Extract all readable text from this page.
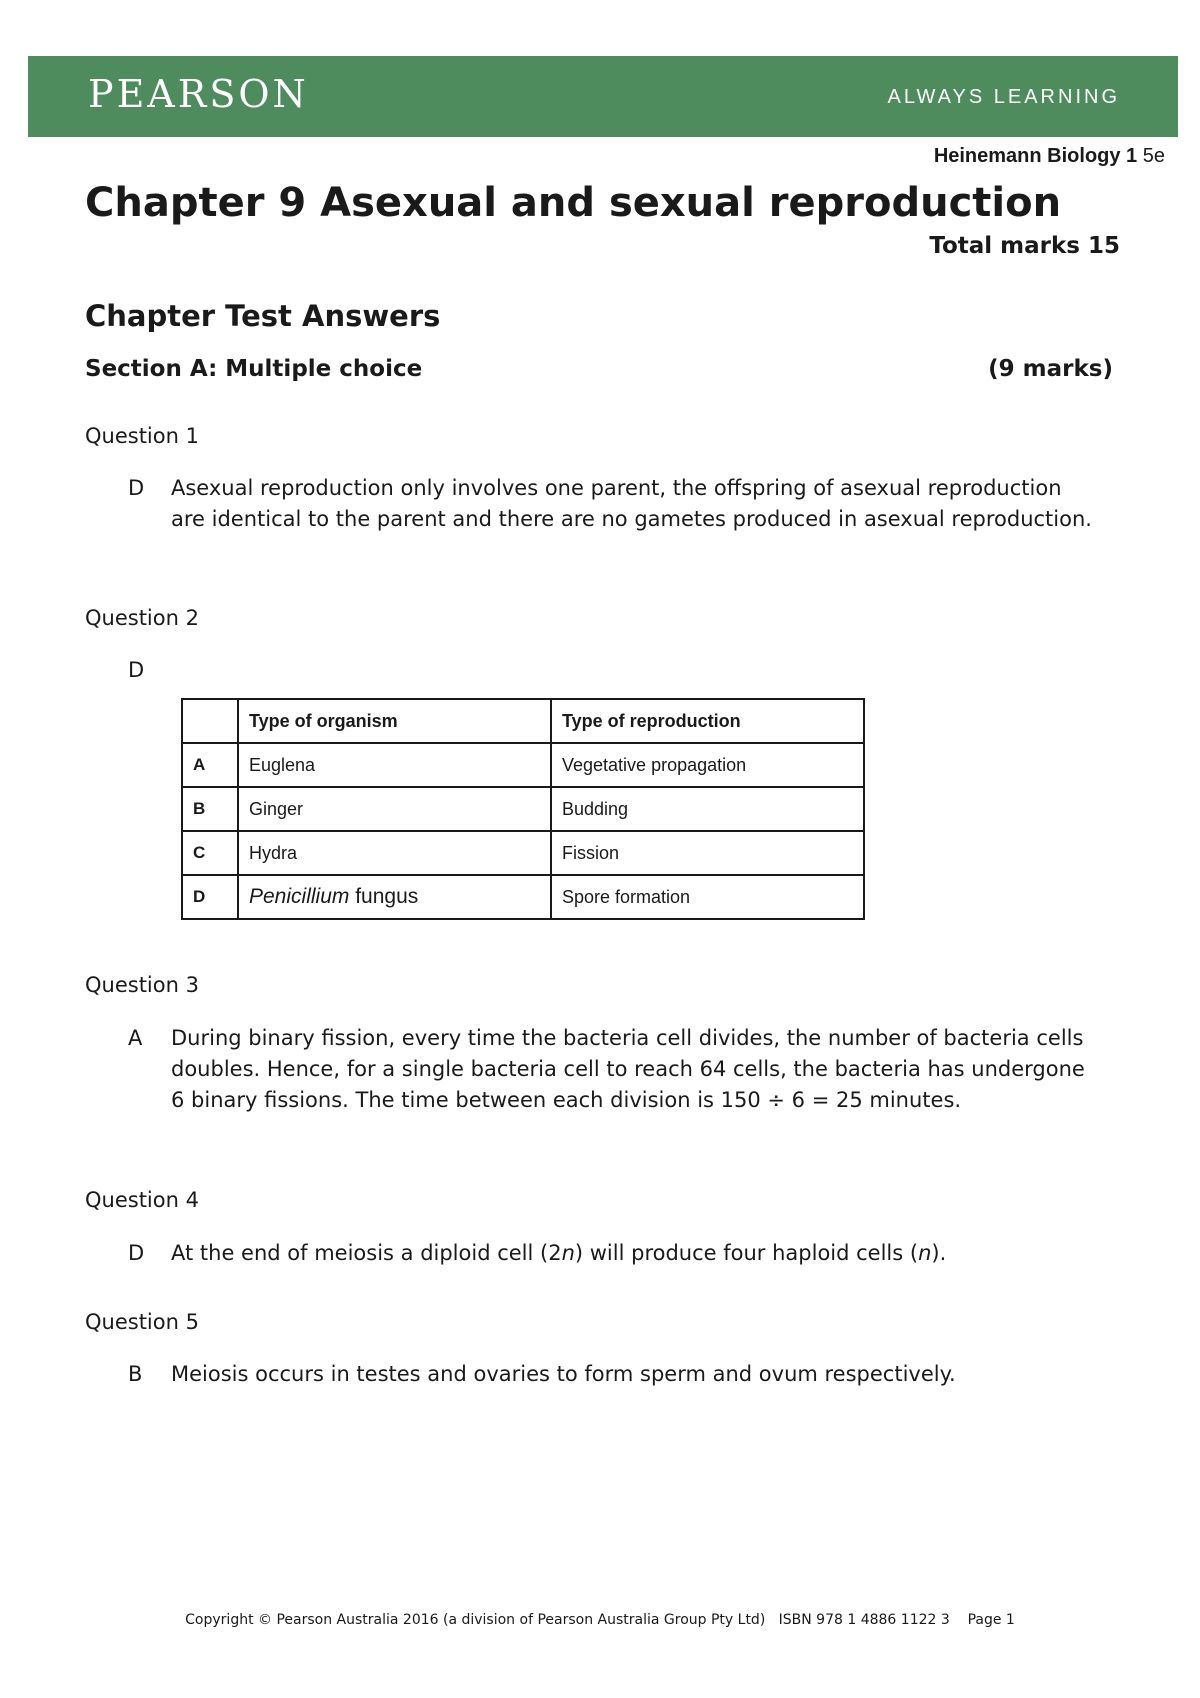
PEARSON	ALWAYS LEARNING
Heinemann Biology 1 5e
Chapter 9 Asexual and sexual reproduction
Total marks 15
Chapter Test Answers
Section A: Multiple choice	(9 marks)
Question 1
D Asexual reproduction only involves one parent, the offspring of asexual reproduction are identical to the parent and there are no gametes produced in asexual reproduction.
Question 2
D
	Type of organism	Type of reproduction
A	Euglena	Vegetative propagation
B	Ginger	Budding
C	Hydra	Fission
D	Penicillium fungus	Spore formation
Question 3
A During binary fission, every time the bacteria cell divides, the number of bacteria cells doubles. Hence, for a single bacteria cell to reach 64 cells, the bacteria has undergone 6 binary fissions. The time between each division is 150 ÷ 6 = 25 minutes.
Question 4
D At the end of meiosis a diploid cell (2n) will produce four haploid cells (n).
Question 5
B Meiosis occurs in testes and ovaries to form sperm and ovum respectively.
Copyright © Pearson Australia 2016 (a division of Pearson Australia Group Pty Ltd)   ISBN 978 1 4886 1122 3    Page 1
